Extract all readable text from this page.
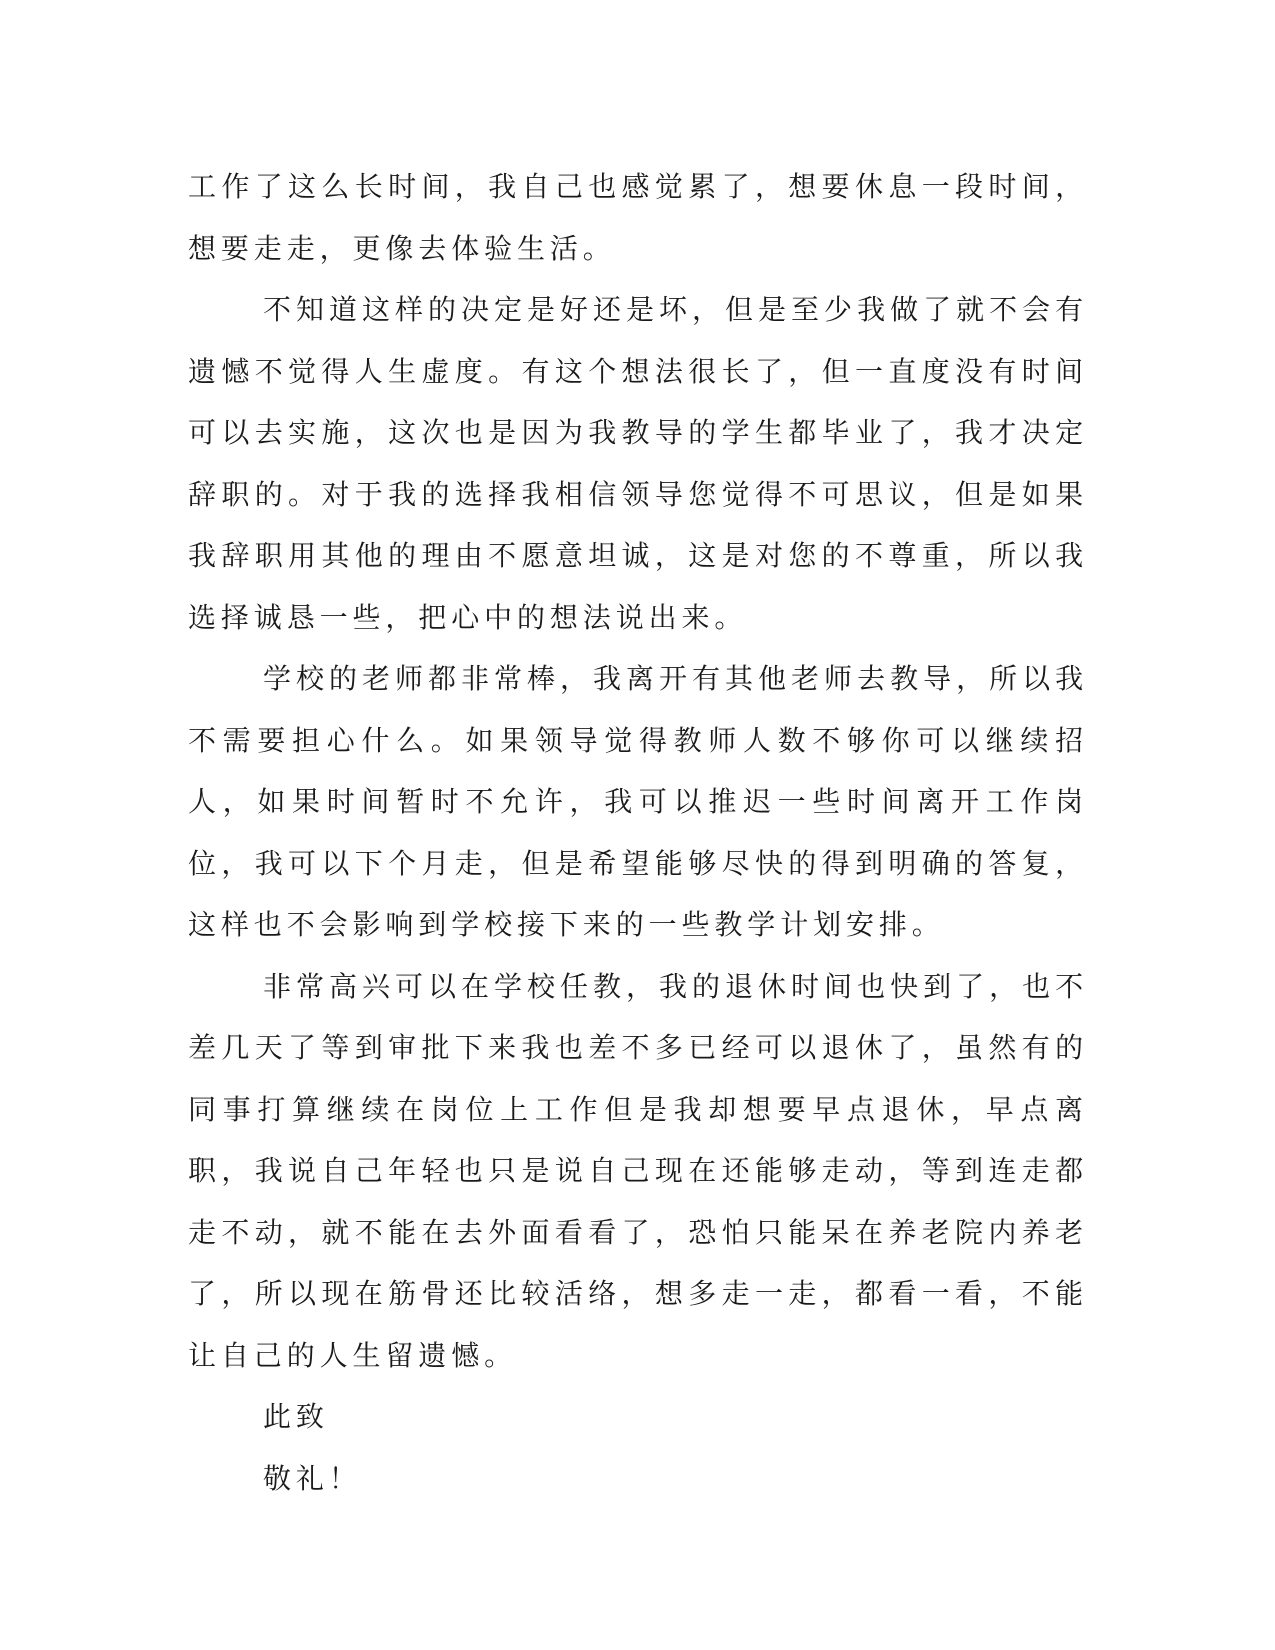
工作了这么长时间，我自己也感觉累了，想要休息一段时间，想要走走，更像去体验生活。

不知道这样的决定是好还是坏，但是至少我做了就不会有遗憾不觉得人生虚度。有这个想法很长了，但一直度没有时间可以去实施，这次也是因为我教导的学生都毕业了，我才决定辞职的。对于我的选择我相信领导您觉得不可思议，但是如果我辞职用其他的理由不愿意坦诚，这是对您的不尊重，所以我选择诚恳一些，把心中的想法说出来。

学校的老师都非常棒，我离开有其他老师去教导，所以我不需要担心什么。如果领导觉得教师人数不够你可以继续招人，如果时间暂时不允许，我可以推迟一些时间离开工作岗位，我可以下个月走，但是希望能够尽快的得到明确的答复，这样也不会影响到学校接下来的一些教学计划安排。

非常高兴可以在学校任教，我的退休时间也快到了，也不差几天了等到审批下来我也差不多已经可以退休了，虽然有的同事打算继续在岗位上工作但是我却想要早点退休，早点离职，我说自己年轻也只是说自己现在还能够走动，等到连走都走不动，就不能在去外面看看了，恐怕只能呆在养老院内养老了，所以现在筋骨还比较活络，想多走一走，都看一看，不能让自己的人生留遗憾。

此致

敬礼！
